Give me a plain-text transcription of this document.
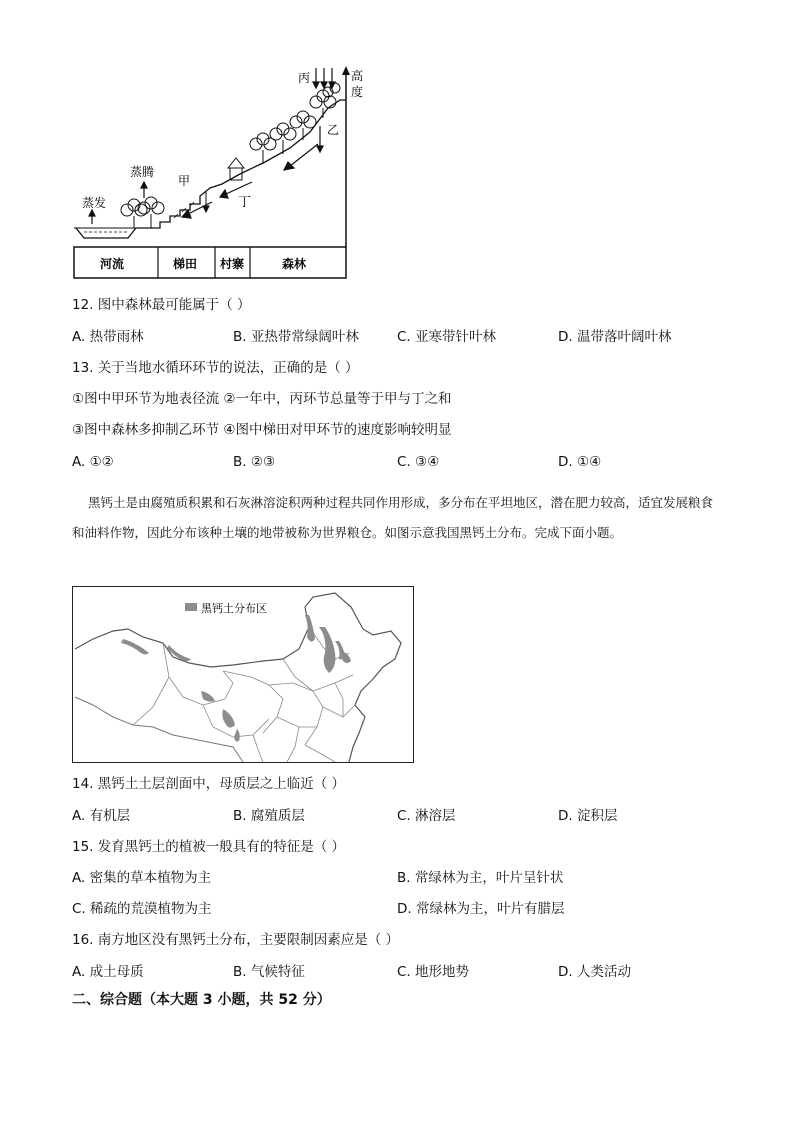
河流	梯田 村寨	森林
高
度
丙
乙
丁
甲
蒸腾
蒸发
12. 图中森林最可能属于（ ）
A. 热带雨林	B. 亚热带常绿阔叶林	C. 亚寒带针叶林	D. 温带落叶阔叶林
13. 关于当地水循环环节的说法，正确的是（ ）
①图中甲环节为地表径流 ②一年中，丙环节总量等于甲与丁之和
③图中森林多抑制乙环节 ④图中梯田对甲环节的速度影响较明显
A. ①②	B. ②③	C. ③④	D. ①④
黑钙土是由腐殖质积累和石灰淋溶淀积两种过程共同作用形成，多分布在平坦地区，潜在肥力较高，适宜发展粮食和油料作物，因此分布该种土壤的地带被称为世界粮仓。如图示意我国黑钙土分布。完成下面小题。
黑钙土分布区
14. 黑钙土土层剖面中，母质层之上临近（ ）
A. 有机层	B. 腐殖质层	C. 淋溶层	D. 淀积层
15. 发育黑钙土的植被一般具有的特征是（ ）
A. 密集的草本植物为主	B. 常绿林为主，叶片呈针状
C. 稀疏的荒漠植物为主	D. 常绿林为主，叶片有腊层
16. 南方地区没有黑钙土分布，主要限制因素应是（ ）
A. 成土母质	B. 气候特征	C. 地形地势	D. 人类活动
二、综合题（本大题 3 小题，共 52 分）
